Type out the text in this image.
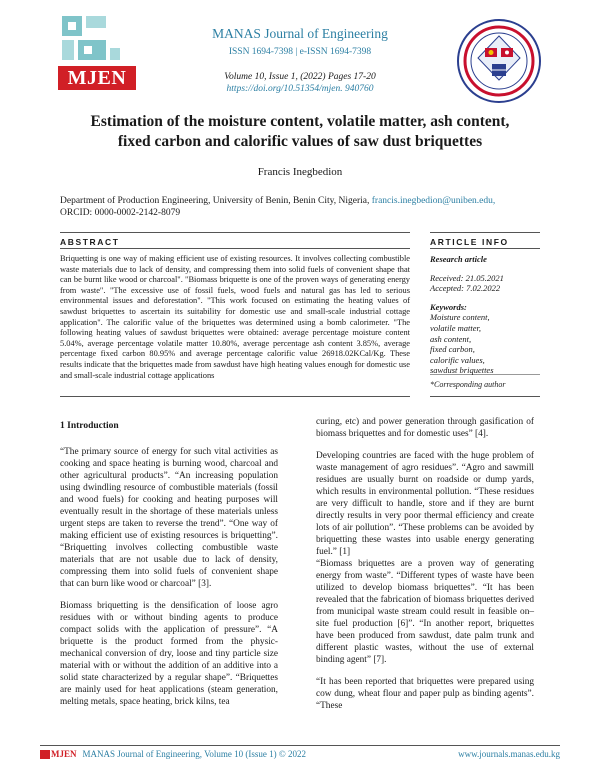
MJEN
MANAS Journal of Engineering
ISSN 1694-7398 | e-ISSN 1694-7398
Volume 10, Issue 1, (2022) Pages 17-20
https://doi.org/10.51354/mjen. 940760
Estimation of the moisture content, volatile matter, ash content,
fixed carbon and calorific values of saw dust briquettes
Francis Inegbedion
Department of Production Engineering, University of Benin, Benin City, Nigeria, francis.inegbedion@uniben.edu,
ORCID: 0000-0002-2142-8079
ABSTRACT	ARTICLE INFO
Briquetting is one way of making efficient use of existing resources. It involves collecting combustible waste materials due to lack of density, and compressing them into solid fuels of convenient shape that can be burnt like wood or charcoal". "Biomass briquette is one of the proven ways of generating energy from waste". "The excessive use of fossil fuels, wood fuels and natural gas has led to serious environmental issues and deforestation". "This work focused on estimating the heating values of sawdust briquettes to ascertain its suitability for domestic use and small-scale industrial cottage application". The calorific value of the briquettes was determined using a bomb calorimeter. "The following heating values of sawdust briquettes were obtained: average percentage moisture content 5.04%, average percentage volatile matter 10.80%, average percentage ash content 3.85%, average percentage fixed carbon 80.95% and average percentage calorific value 26918.02KCal/Kg. These results indicate that the briquettes made from sawdust have high heating values enough for domestic use and small-scale industrial cottage applications
Research article
Received: 21.05.2021
Accepted: 7.02.2022
Keywords:
Moisture content,
volatile matter,
ash content,
fixed carbon,
calorific values,
sawdust briquettes
*Corresponding author
1 Introduction

“The primary source of energy for such vital activities as cooking and space heating is burning wood, charcoal and other agricultural products”. “An increasing population using dwindling resource of combustible materials (fossil and wood fuels) for cooking and heating purposes will eventually result in the shortage of these materials unless urgent steps are taken to reverse the trend”. “One way of making efficient use of existing resources is briquetting”. “Briquetting involves collecting combustible waste materials that are not usable due to lack of density, compressing them into solid fuels of convenient shape that can burn like wood or charcoal” [3].

Biomass briquetting is the densification of loose agro residues with or without binding agents to produce compact solids with the application of pressure”. “A briquette is the product formed from the physic-mechanical conversion of dry, loose and tiny particle size material with or without the addition of an additive into a solid state characterized by a regular shape”. “Briquettes are mainly used for heat applications (steam generation, melting metals, space heating, brick kilns, tea

curing, etc) and power generation through gasification of biomass briquettes and for domestic uses” [4].

Developing countries are faced with the huge problem of waste management of agro residues”. “Agro and sawmill residues are usually burnt on roadside or dump yards, which results in environmental pollution. “These residues are very difficult to handle, store and if they are burnt directly results in very poor thermal efficiency and create lots of air pollution”. “These problems can be avoided by briquetting these wastes into usable energy generating fuel.” [1]

“Biomass briquettes are a proven way of generating energy from waste”. “Different types of waste have been utilized to develop biomass briquettes”. “It has been revealed that the fabrication of biomass briquettes derived from municipal waste stream could result in feasible on–site fuel production [6]”. “In another report, briquettes have been produced from sawdust, date palm trunk and different plastic wastes, without the use of external binding agent” [7].

“It has been reported that briquettes were prepared using cow dung, wheat flour and paper pulp as binding agents”. “These

MJEN MANAS Journal of Engineering, Volume 10 (Issue 1) © 2022	www.journals.manas.edu.kg
